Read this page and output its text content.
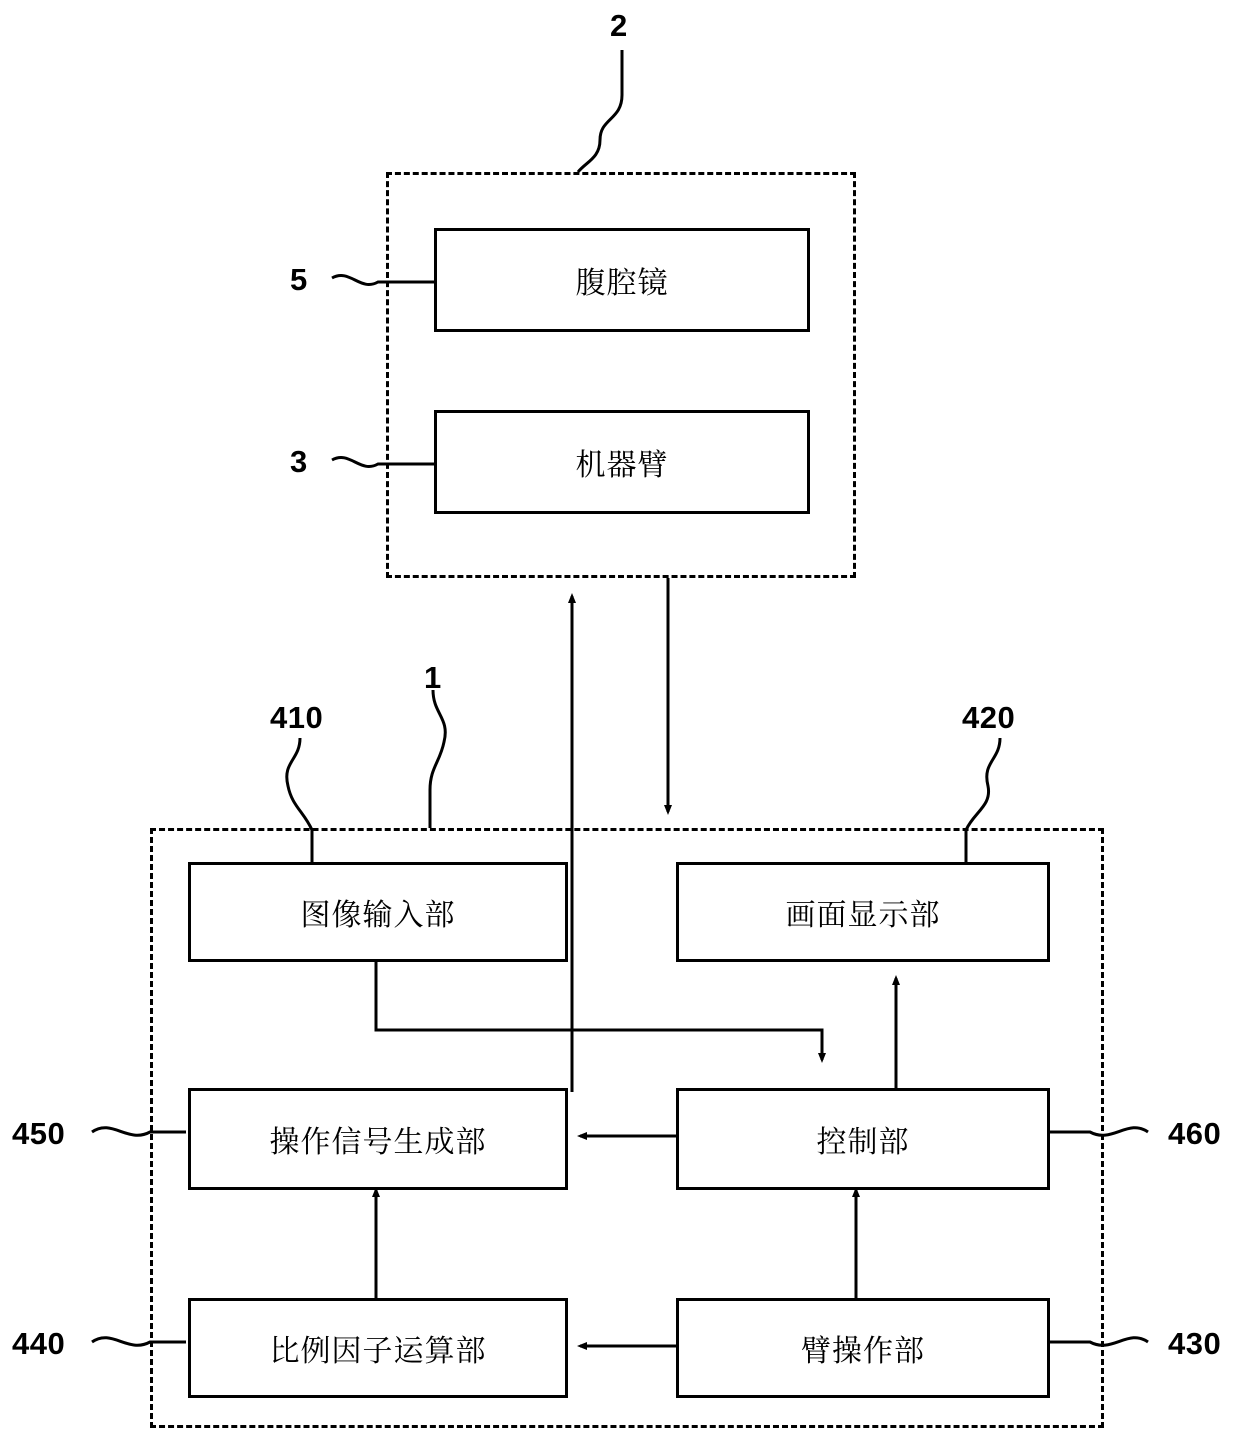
2
1
5
3
410	420
450	460
440	430
腹腔镜
机器臂
图像输入部	画面显示部
操作信号生成部	控制部
比例因子运算部	臂操作部
